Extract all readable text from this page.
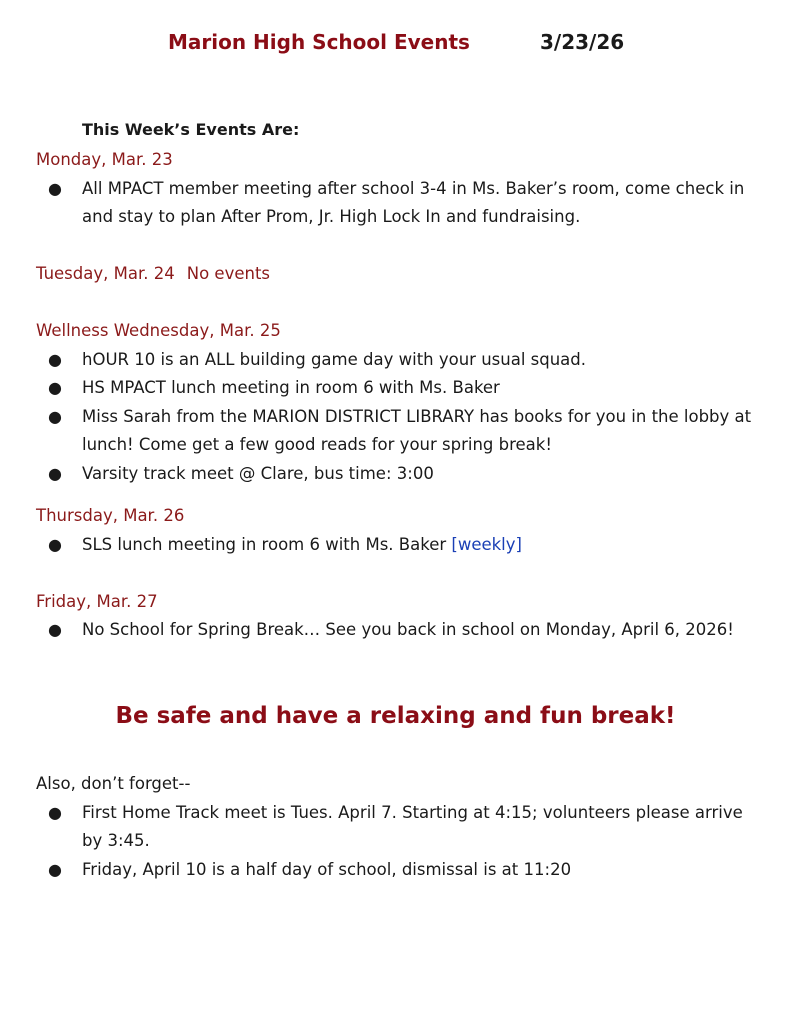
Marion High School Events	3/23/26
This Week’s Events Are:

Monday, Mar. 23

● All MPACT member meeting after school 3-4 in Ms. Baker’s room, come check in and stay to plan After Prom, Jr. High Lock In and fundraising.

Tuesday, Mar. 24 No events

Wellness Wednesday, Mar. 25

● hOUR 10 is an ALL building game day with your usual squad.
● HS MPACT lunch meeting in room 6 with Ms. Baker
● Miss Sarah from the MARION DISTRICT LIBRARY has books for you in the lobby at lunch! Come get a few good reads for your spring break!
● Varsity track meet @ Clare, bus time: 3:00

Thursday, Mar. 26

● SLS lunch meeting in room 6 with Ms. Baker [weekly]

Friday, Mar. 27

● No School for Spring Break… See you back in school on Monday, April 6, 2026!
Be safe and have a relaxing and fun break!

Also, don’t forget--

● First Home Track meet is Tues. April 7. Starting at 4:15; volunteers please arrive by 3:45.
● Friday, April 10 is a half day of school, dismissal is at 11:20
